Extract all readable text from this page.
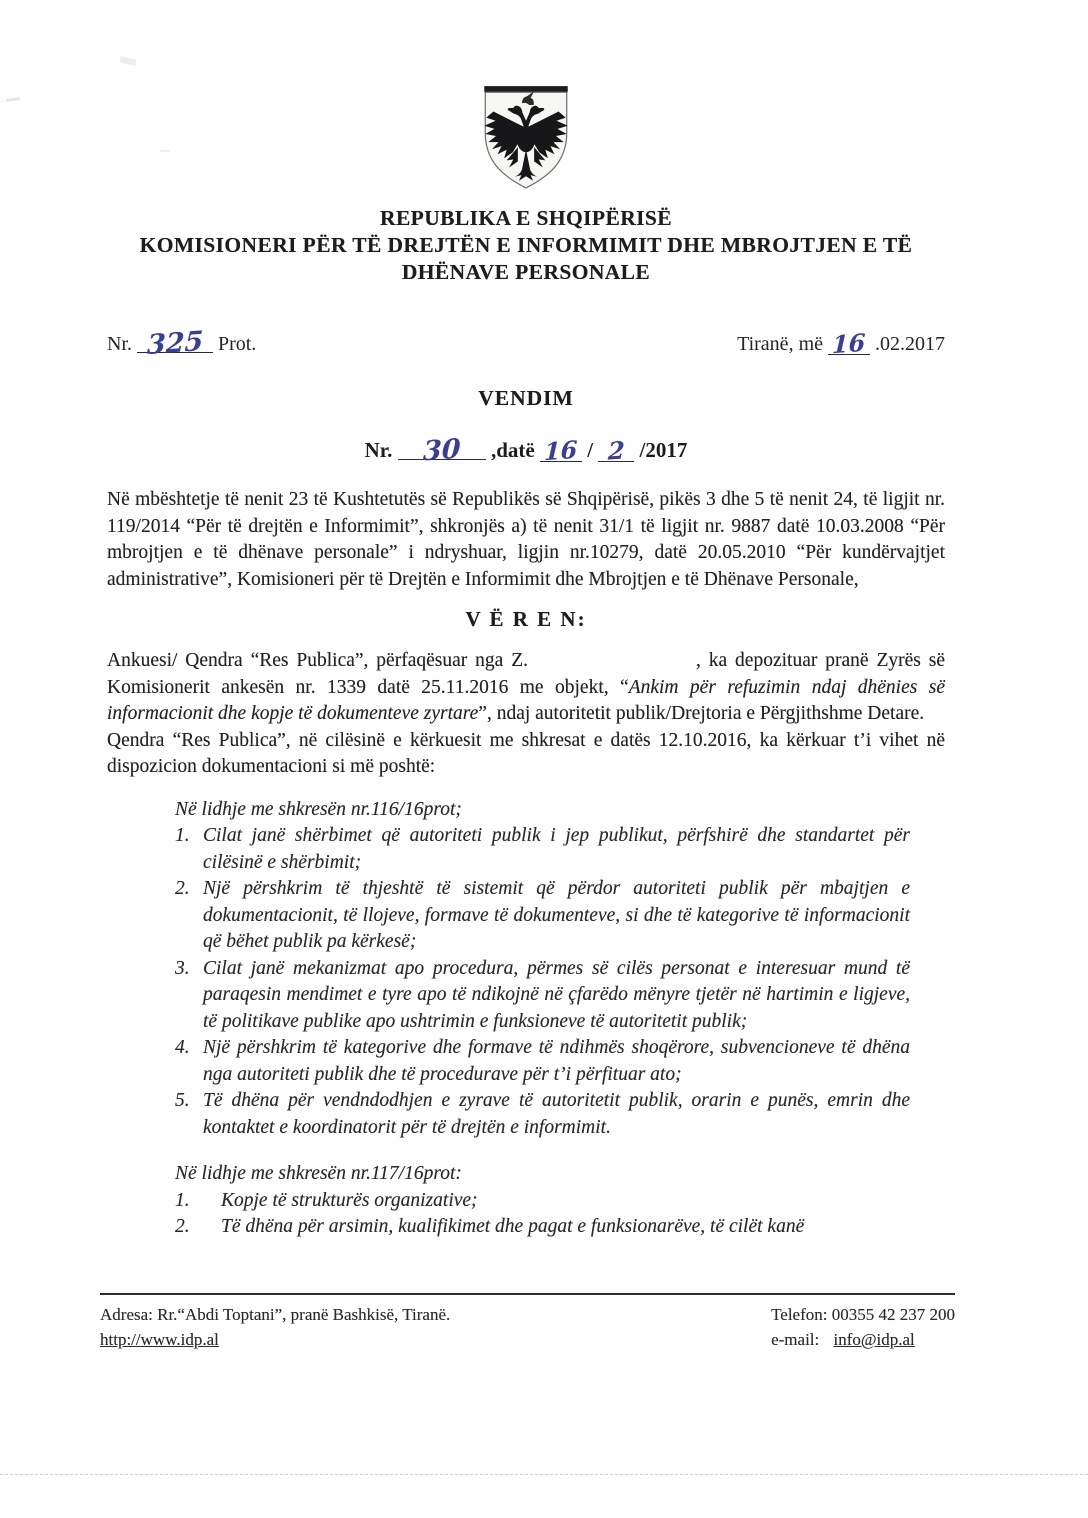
REPUBLIKA E SHQIPËRISË
KOMISIONERI PËR TË DREJTËN E INFORMIMIT DHE MBROJTJEN E TË
DHËNAVE PERSONALE
Nr. 325 Prot.	Tiranë, më 16 .02.2017
VENDIM
Nr. 30 ,datë 16 / 2 /2017
Në mbështetje të nenit 23 të Kushtetutës së Republikës së Shqipërisë, pikës 3 dhe 5 të nenit 24, të ligjit nr. 119/2014 “Për të drejtën e Informimit”, shkronjës a) të nenit 31/1 të ligjit nr. 9887 datë 10.03.2008 “Për mbrojtjen e të dhënave personale” i ndryshuar, ligjin nr.10279, datë 20.05.2010 “Për kundërvajtjet administrative”, Komisioneri për të Drejtën e Informimit dhe Mbrojtjen e të Dhënave Personale,
V Ë R E N:
Ankuesi/ Qendra “Res Publica”, përfaqësuar nga Z.	, ka depozituar pranë Zyrës së Komisionerit ankesën nr. 1339 datë 25.11.2016 me objekt, “Ankim për refuzimin ndaj dhënies së informacionit dhe kopje të dokumenteve zyrtare”, ndaj autoritetit publik/Drejtoria e Përgjithshme Detare.
Qendra “Res Publica”, në cilësinë e kërkuesit me shkresat e datës 12.10.2016, ka kërkuar t’i vihet në dispozicion dokumentacioni si më poshtë:
Në lidhje me shkresën nr.116/16prot;
1. Cilat janë shërbimet që autoriteti publik i jep publikut, përfshirë dhe standartet për cilësinë e shërbimit;
2. Një përshkrim të thjeshtë të sistemit që përdor autoriteti publik për mbajtjen e dokumentacionit, të llojeve, formave të dokumenteve, si dhe të kategorive të informacionit që bëhet publik pa kërkesë;
3. Cilat janë mekanizmat apo procedura, përmes së cilës personat e interesuar mund të paraqesin mendimet e tyre apo të ndikojnë në çfarëdo mënyre tjetër në hartimin e ligjeve, të politikave publike apo ushtrimin e funksioneve të autoritetit publik;
4. Një përshkrim të kategorive dhe formave të ndihmës shoqërore, subvencioneve të dhëna nga autoriteti publik dhe të procedurave për t’i përfituar ato;
5. Të dhëna për vendndodhjen e zyrave të autoritetit publik, orarin e punës, emrin dhe kontaktet e koordinatorit për të drejtën e informimit.
Në lidhje me shkresën nr.117/16prot:
1.	Kopje të strukturës organizative;
2.	Të dhëna për arsimin, kualifikimet dhe pagat e funksionarëve, të cilët kanë
Adresa: Rr.“Abdi Toptani”, pranë Bashkisë, Tiranë.
http://www.idp.al
Telefon: 00355 42 237 200
e-mail: info@idp.al
